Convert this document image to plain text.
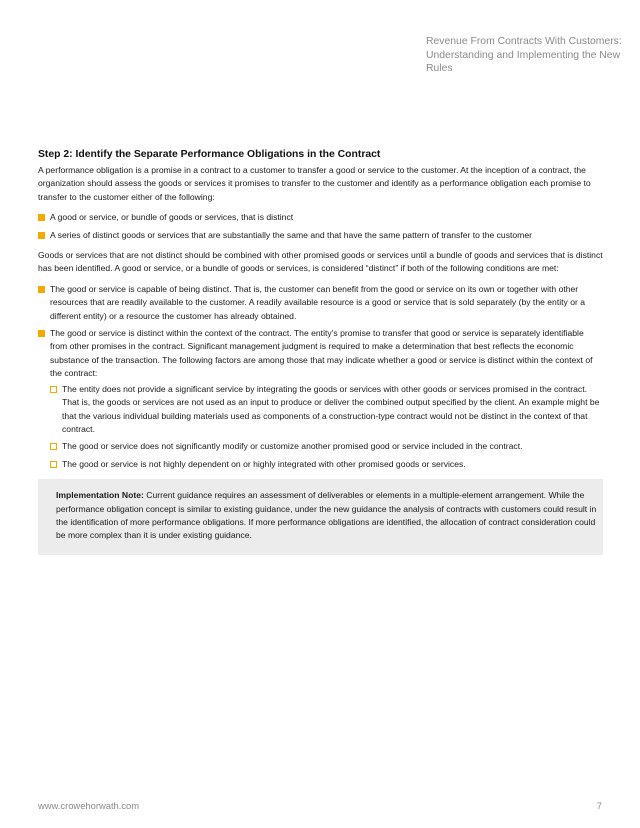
Revenue From Contracts With Customers: Understanding and Implementing the New Rules
Step 2: Identify the Separate Performance Obligations in the Contract

A performance obligation is a promise in a contract to a customer to transfer a good or service to the customer. At the inception of a contract, the organization should assess the goods or services it promises to transfer to the customer and identify as a performance obligation each promise to transfer to the customer either of the following:

A good or service, or bundle of goods or services, that is distinct
A series of distinct goods or services that are substantially the same and that have the same pattern of transfer to the customer

Goods or services that are not distinct should be combined with other promised goods or services until a bundle of goods and services that is distinct has been identified. A good or service, or a bundle of goods or services, is considered “distinct” if both of the following conditions are met:

The good or service is capable of being distinct. That is, the customer can benefit from the good or service on its own or together with other resources that are readily available to the customer. A readily available resource is a good or service that is sold separately (by the entity or a different entity) or a resource the customer has already obtained.
The good or service is distinct within the context of the contract. The entity’s promise to transfer that good or service is separately identifiable from other promises in the contract. Significant management judgment is required to make a determination that best reflects the economic substance of the transaction. The following factors are among those that may indicate whether a good or service is distinct within the context of the contract:
The entity does not provide a significant service by integrating the goods or services with other goods or services promised in the contract. That is, the goods or services are not used as an input to produce or deliver the combined output specified by the client. An example might be that the various individual building materials used as components of a construction-type contract would not be distinct in the context of that contract.
The good or service does not significantly modify or customize another promised good or service included in the contract.
The good or service is not highly dependent on or highly integrated with other promised goods or services.
Implementation Note: Current guidance requires an assessment of deliverables or elements in a multiple-element arrangement. While the performance obligation concept is similar to existing guidance, under the new guidance the analysis of contracts with customers could result in the identification of more performance obligations. If more performance obligations are identified, the allocation of contract consideration could be more complex than it is under existing guidance.
www.crowehorwath.com	7
